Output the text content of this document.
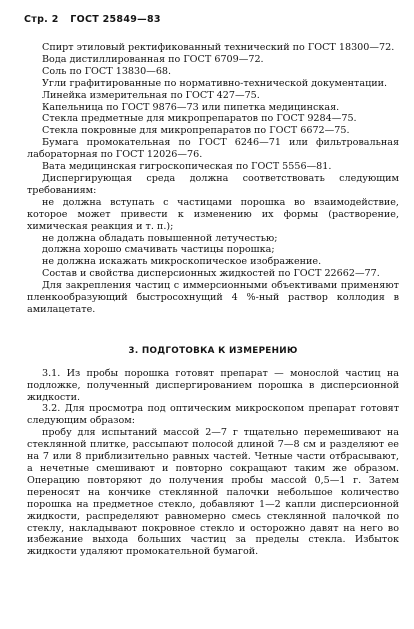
Стр. 2 ГОСТ 25849—83

Спирт этиловый ректификованный технический по ГОСТ 18300—72.

Вода дистиллированная по ГОСТ 6709—72.

Соль по ГОСТ 13830—68.

Угли графитированные по нормативно-технической документации.

Линейка измерительная по ГОСТ 427—75.

Капельница по ГОСТ 9876—73 или пипетка медицинская.

Стекла предметные для микропрепаратов по ГОСТ 9284—75.

Стекла покровные для микропрепаратов по ГОСТ 6672—75.

Бумага промокательная по ГОСТ 6246—71 или фильтровальная лабораторная по ГОСТ 12026—76.

Вата медицинская гигроскопическая по ГОСТ 5556—81.

Диспергирующая среда должна соответствовать следующим требованиям:

не должна вступать с частицами порошка во взаимодействие, которое может привести к изменению их формы (растворение, химическая реакция и т. п.);

не должна обладать повышенной летучестью;

должна хорошо смачивать частицы порошка;

не должна искажать микроскопическое изображение.

Состав и свойства дисперсионных жидкостей по ГОСТ 22662—77.

Для закрепления частиц с иммерсионными объективами применяют пленкообразующий быстросохнущий 4 %-ный раствор коллодия в амилацетате.

3. ПОДГОТОВКА К ИЗМЕРЕНИЮ

3.1. Из пробы порошка готовят препарат — монослой частиц на подложке, полученный диспергированием порошка в дисперсионной жидкости.

3.2. Для просмотра под оптическим микроскопом препарат готовят следующим образом:

пробу для испытаний массой 2—7 г тщательно перемешивают на стеклянной плитке, рассыпают полосой длиной 7—8 см и разделяют ее на 7 или 8 приблизительно равных частей. Четные части отбрасывают, а нечетные смешивают и повторно сокращают таким же образом. Операцию повторяют до получения пробы массой 0,5—1 г. Затем переносят на кончике стеклянной палочки небольшое количество порошка на предметное стекло, добавляют 1—2 капли дисперсионной жидкости, распределяют равномерно смесь стеклянной палочкой по стеклу, накладывают покровное стекло и осторожно давят на него во избежание выхода больших частиц за пределы стекла. Избыток жидкости удаляют промокательной бумагой.
